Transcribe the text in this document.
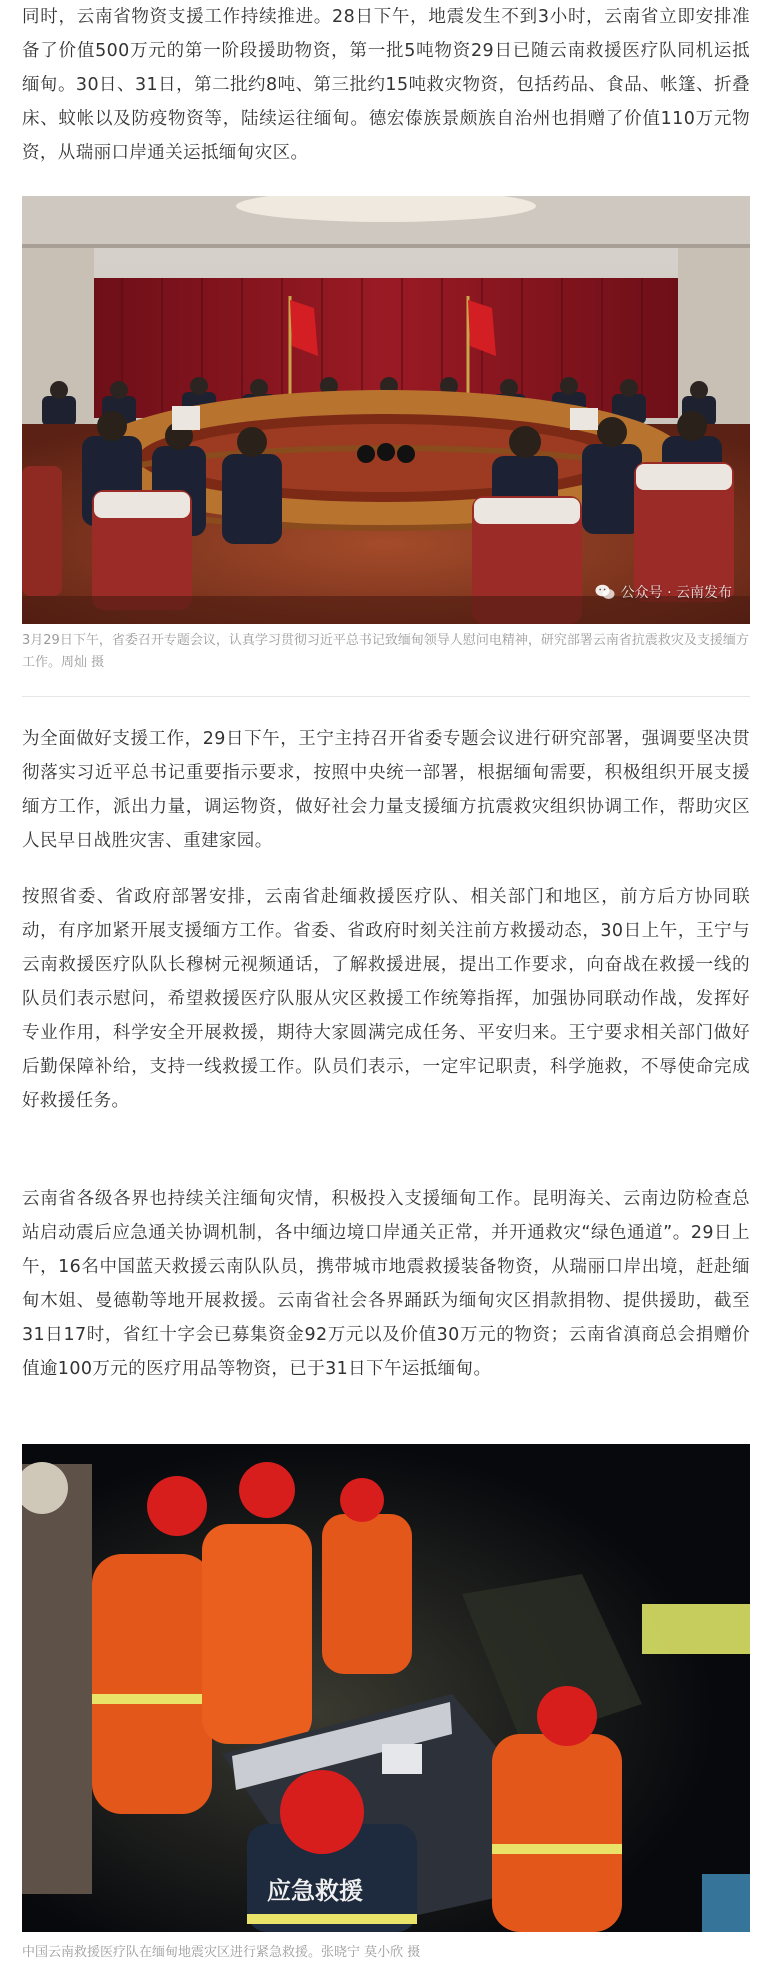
同时，云南省物资支援工作持续推进。28日下午，地震发生不到3小时，云南省立即安排准备了价值500万元的第一阶段援助物资，第一批5吨物资29日已随云南救援医疗队同机运抵缅甸。30日、31日，第二批约8吨、第三批约15吨救灾物资，包括药品、食品、帐篷、折叠床、蚊帐以及防疫物资等，陆续运往缅甸。德宏傣族景颇族自治州也捐赠了价值110万元物资，从瑞丽口岸通关运抵缅甸灾区。

公众号 · 云南发布

3月29日下午，省委召开专题会议，认真学习贯彻习近平总书记致缅甸领导人慰问电精神，研究部署云南省抗震救灾及支援缅方工作。周灿 摄

为全面做好支援工作，29日下午，王宁主持召开省委专题会议进行研究部署，强调要坚决贯彻落实习近平总书记重要指示要求，按照中央统一部署，根据缅甸需要，积极组织开展支援缅方工作，派出力量，调运物资，做好社会力量支援缅方抗震救灾组织协调工作，帮助灾区人民早日战胜灾害、重建家园。

按照省委、省政府部署安排，云南省赴缅救援医疗队、相关部门和地区，前方后方协同联动，有序加紧开展支援缅方工作。省委、省政府时刻关注前方救援动态，30日上午，王宁与云南救援医疗队队长穆树元视频通话，了解救援进展，提出工作要求，向奋战在救援一线的队员们表示慰问，希望救援医疗队服从灾区救援工作统筹指挥，加强协同联动作战，发挥好专业作用，科学安全开展救援，期待大家圆满完成任务、平安归来。王宁要求相关部门做好后勤保障补给，支持一线救援工作。队员们表示，一定牢记职责，科学施救，不辱使命完成好救援任务。

云南省各级各界也持续关注缅甸灾情，积极投入支援缅甸工作。昆明海关、云南边防检查总站启动震后应急通关协调机制，各中缅边境口岸通关正常，并开通救灾“绿色通道”。29日上午，16名中国蓝天救援云南队队员，携带城市地震救援装备物资，从瑞丽口岸出境，赶赴缅甸木姐、曼德勒等地开展救援。云南省社会各界踊跃为缅甸灾区捐款捐物、提供援助，截至31日17时，省红十字会已募集资金92万元以及价值30万元的物资；云南省滇商总会捐赠价值逾100万元的医疗用品等物资，已于31日下午运抵缅甸。

应急救援

中国云南救援医疗队在缅甸地震灾区进行紧急救援。张晓宁 莫小欣 摄
